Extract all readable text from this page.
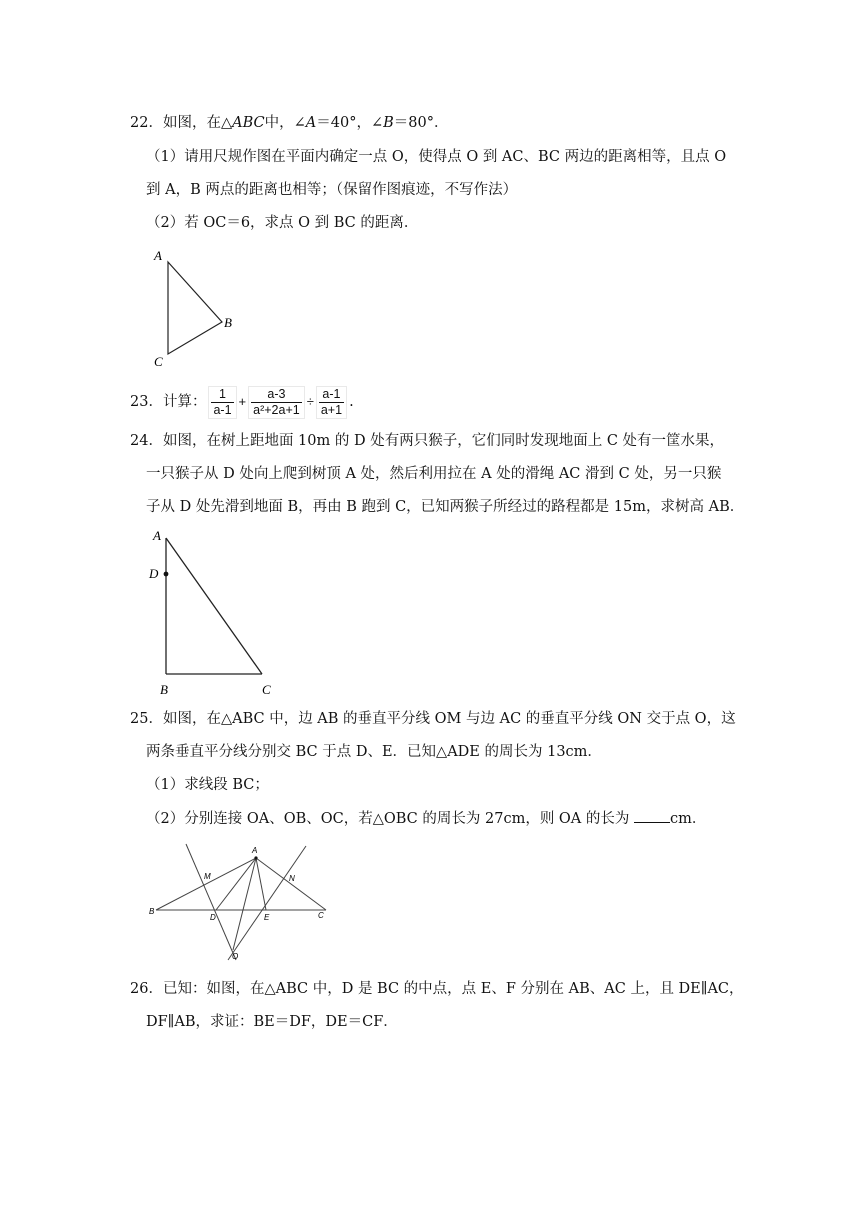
22．如图，在△ABC中，∠A＝40°，∠B＝80°．
（1）请用尺规作图在平面内确定一点 O，使得点 O 到 AC、BC 两边的距离相等，且点 O
到 A，B 两点的距离也相等；（保留作图痕迹，不写作法）
（2）若 OC＝6，求点 O 到 BC 的距离．
A
B
C
23．计算： $\frac{1}{a-1} + \frac{a-3}{\text{a²+2a+1}} \div \frac{a-1}{a+1}$ .
24．如图，在树上距地面 10m 的 D 处有两只猴子，它们同时发现地面上 C 处有一筐水果，
一只猴子从 D 处向上爬到树顶 A 处，然后利用拉在 A 处的滑绳 AC 滑到 C 处，另一只猴
子从 D 处先滑到地面 B，再由 B 跑到 C，已知两猴子所经过的路程都是 15m，求树高 AB．
A
D
B	C
25．如图，在△ABC 中，边 AB 的垂直平分线 OM 与边 AC 的垂直平分线 ON 交于点 O，这
两条垂直平分线分别交 BC 于点 D、E．已知△ADE 的周长为 13cm．
（1）求线段 BC；
（2）分别连接 OA、OB、OC，若△OBC 的周长为 27cm，则 OA 的长为	cm．
A
B	C
D	E
M	N
O
26．已知：如图，在△ABC 中，D 是 BC 的中点，点 E、F 分别在 AB、AC 上，且 DE∥AC，
DF∥AB，求证：BE＝DF，DE＝CF．
